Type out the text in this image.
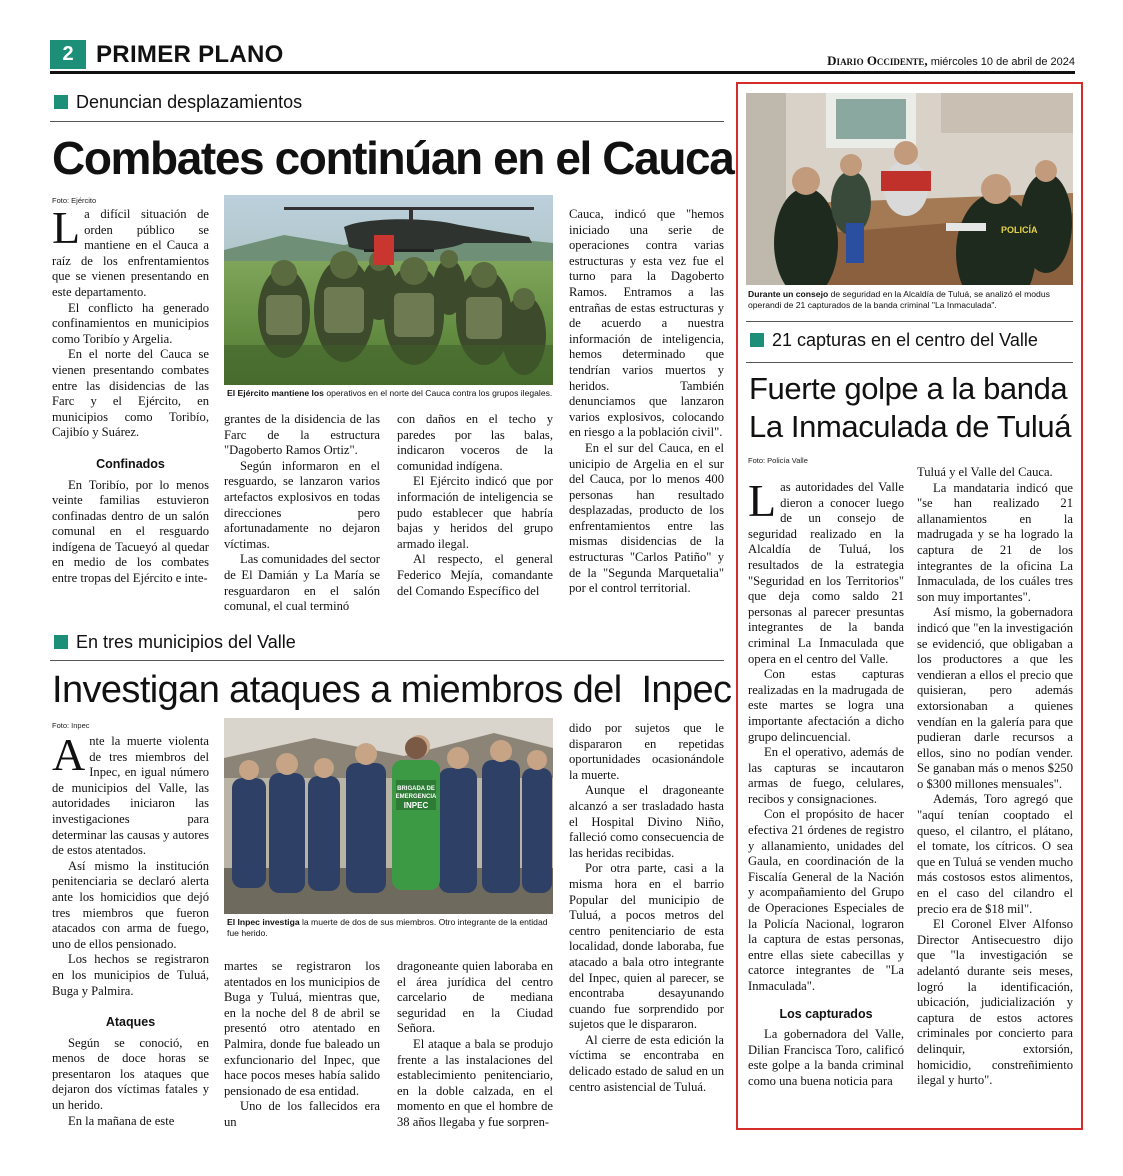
2 PRIMER PLANO	Diario Occidente, miércoles 10 de abril de 2024
Denuncian desplazamientos
Combates continúan en el Cauca
Foto: Ejército
El Ejército mantiene los operativos en el norte del Cauca contra los grupos ilegales.

La difícil situación de orden público se mantiene en el Cauca a raíz de los enfrentamientos que se vienen presentando en este departamento.

El conflicto ha generado confinamientos en municipios como Toribío y Argelia.

En el norte del Cauca se vienen presentando combates entre las disidencias de las Farc y el Ejército, en municipios como Toribío, Cajibío y Suárez.

Confinados

En Toribío, por lo menos veinte familias estuvieron confinadas dentro de un salón comunal en el resguardo indígena de Tacueyó al quedar en medio de los combates entre tropas del Ejército e inte-

grantes de la disidencia de las Farc de la estructura "Dagoberto Ramos Ortiz".

Según informaron en el resguardo, se lanzaron varios artefactos explosivos en todas direcciones pero afortunadamente no dejaron víctimas.

Las comunidades del sector de El Damián y La María se resguardaron en el salón comunal, el cual terminó

con daños en el techo y paredes por las balas, indicaron voceros de la comunidad indígena.

El Ejército indicó que por información de inteligencia se pudo establecer que habría bajas y heridos del grupo armado ilegal.

Al respecto, el general Federico Mejía, comandante del Comando Específico del

Cauca, indicó que "hemos iniciado una serie de operaciones contra varias estructuras y esta vez fue el turno para la Dagoberto Ramos. Entramos a las entrañas de estas estructuras y de acuerdo a nuestra información de inteligencia, hemos determinado que tendrían varios muertos y heridos. También denunciamos que lanzaron varios explosivos, colocando en riesgo a la población civil".

En el sur del Cauca, en el unicipio de Argelia en el sur del Cauca, por lo menos 400 personas han resultado desplazadas, producto de los enfrentamientos entre las mismas disidencias de la estructuras "Carlos Patiño" y de la "Segunda Marquetalia" por el control territorial.

En tres municipios del Valle
Investigan ataques a miembros del  Inpec
Foto: Inpec
BRIGADA DE
EMERGENCIA
INPEC
El Inpec investiga la muerte de dos de sus miembros. Otro integrante de la entidad fue herido.

Ante la muerte violenta de tres miembros del Inpec, en igual número de municipios del Valle, las autoridades iniciaron las investigaciones para determinar las causas y autores de estos atentados.

Así mismo la institución penitenciaria se declaró alerta ante los homicidios que dejó tres miembros que fueron atacados con arma de fuego, uno de ellos pensionado.

Los hechos se registraron en los municipios de Tuluá, Buga y Palmira.

Ataques

Según se conoció, en menos de doce horas se presentaron los ataques que dejaron dos víctimas fatales y un herido.

En la mañana de este

martes se registraron los atentados en los municipios de Buga y Tuluá, mientras que, en la noche del 8 de abril se presentó otro atentado en Palmira, donde fue baleado un exfuncionario del Inpec, que hace pocos meses había salido pensionado de esa entidad.

Uno de los fallecidos era un

dragoneante quien laboraba en el área jurídica del centro carcelario de mediana seguridad en la Ciudad Señora.

El ataque a bala se produjo frente a las instalaciones del establecimiento penitenciario, en la doble calzada, en el momento en que el hombre de 38 años llegaba y fue sorpren-

dido por sujetos que le dispararon en repetidas oportunidades ocasionándole la muerte.

Aunque el dragoneante alcanzó a ser trasladado hasta el Hospital Divino Niño, falleció como consecuencia de las heridas recibidas.

Por otra parte, casi a la misma hora en el barrio Popular del municipio de Tuluá, a pocos metros del centro penitenciario de esta localidad, donde laboraba, fue atacado a bala otro integrante del Inpec, quien al parecer, se encontraba desayunando cuando fue sorprendido por sujetos que le dispararon.

Al cierre de esta edición la víctima se encontraba en delicado estado de salud en un centro asistencial de Tuluá.

POLICÍA
Durante un consejo de seguridad en la Alcaldía de Tuluá, se analizó el modus operandi de 21 capturados de la banda criminal "La Inmaculada".
21 capturas en el centro del Valle
Fuerte golpe a la banda
La Inmaculada de Tuluá
Foto: Policía Valle

Las autoridades del Valle dieron a conocer luego de un consejo de seguridad realizado en la Alcaldía de Tuluá, los resultados de la estrategia "Seguridad en los Territorios" que deja como saldo 21 personas al parecer presuntas integrantes de la banda criminal La Inmaculada que opera en el centro del Valle.

Con estas capturas realizadas en la madrugada de este martes se logra una importante afectación a dicho grupo delincuencial.

En el operativo, además de las capturas se incautaron armas de fuego, celulares, recibos y consignaciones.

Con el propósito de hacer efectiva 21 órdenes de registro y allanamiento, unidades del Gaula, en coordinación de la Fiscalía General de la Nación y acompañamiento del Grupo de Operaciones Especiales de la Policía Nacional, lograron la captura de estas personas, entre ellas siete cabecillas y catorce integrantes de "La Inmaculada".

Los capturados

La gobernadora del Valle, Dilian Francisca Toro, calificó este golpe a la banda criminal como una buena noticia para

Tuluá y el Valle del Cauca.

La mandataria indicó que "se han realizado 21 allanamientos en la madrugada y se ha logrado la captura de 21 de los integrantes de la oficina La Inmaculada, de los cuáles tres son muy importantes".

Así mismo, la gobernadora indicó que "en la investigación se evidenció, que obligaban a los productores a que les vendieran a ellos el precio que quisieran, pero además extorsionaban a quienes vendían en la galería para que pudieran darle recursos a ellos, sino no podían vender. Se ganaban más o menos $250 o $300 millones mensuales".

Además, Toro agregó que "aquí tenían cooptado el queso, el cilantro, el plátano, el tomate, los cítricos. O sea que en Tuluá se venden mucho más costosos estos alimentos, en el caso del cilandro el precio era de $18 mil".

El Coronel Elver Alfonso Director Antisecuestro dijo que "la investigación se adelantó durante seis meses, logró la identificación, ubicación, judicialización y captura de estos actores criminales por concierto para delinquir, extorsión, homicidio, constreñimiento ilegal y hurto".
